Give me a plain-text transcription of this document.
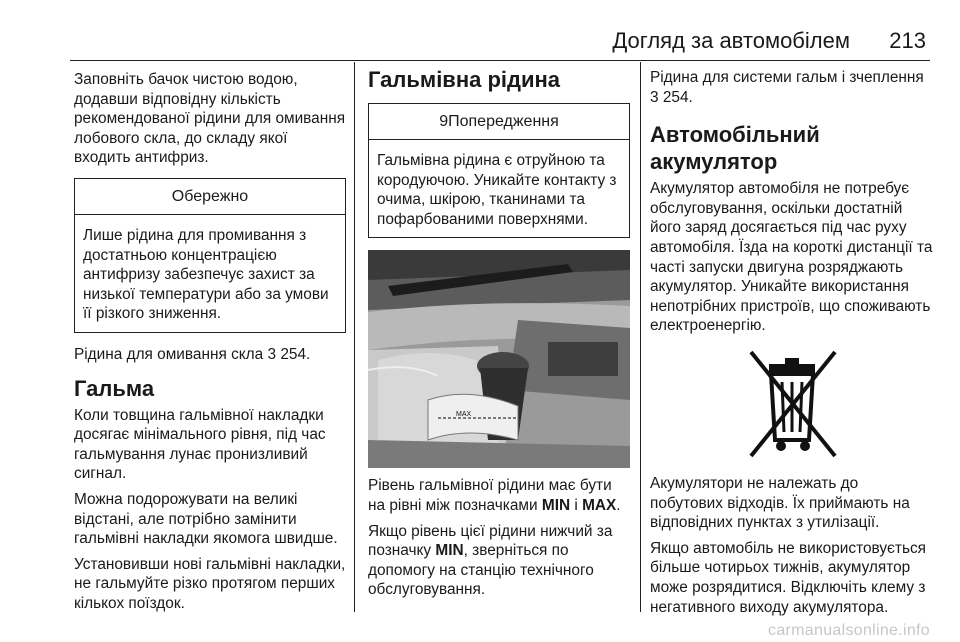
Догляд за автомобілем 213

Заповніть бачок чистою водою, додавши відповідну кількість рекомендованої рідини для омивання лобового скла, до складу якої входить антифриз.

Обережно
Лише рідина для промивання з достатньою концентрацією антифризу забезпечує захист за низької температури або за умови її різкого зниження.

Рідина для омивання скла 3 254.

Гальма

Коли товщина гальмівної накладки досягає мінімального рівня, під час гальмування лунає пронизливий сигнал.

Можна подорожувати на великі відстані, але потрібно замінити гальмівні накладки якомога швидше.

Установивши нові гальмівні накладки, не гальмуйте різко протягом перших кількох поїздок.

Гальмівна рідина
9Попередження
Гальмівна рідина є отруйною та кородуючою. Уникайте контакту з очима, шкірою, тканинами та пофарбованими поверхнями.
MAX

Рівень гальмівної рідини має бути на рівні між позначками MIN і MAX.

Якщо рівень цієї рідини нижчий за позначку MIN, зверніться по допомогу на станцію технічного обслуговування.

Рідина для системи гальм і зчеплення 3 254.

Автомобільний акумулятор

Акумулятор автомобіля не потребує обслуговування, оскільки достатній його заряд досягається під час руху автомобіля. Їзда на короткі дистанції та часті запуски двигуна розряджають акумулятор. Уникайте використання непотрібних пристроїв, що споживають електроенергію.

Акумулятори не належать до побутових відходів. Їх приймають на відповідних пунктах з утилізації.

Якщо автомобіль не використовується більше чотирьох тижнів, акумулятор може розрядитися. Відключіть клему з негативного виходу акумулятора.

carmanualsonline.info
